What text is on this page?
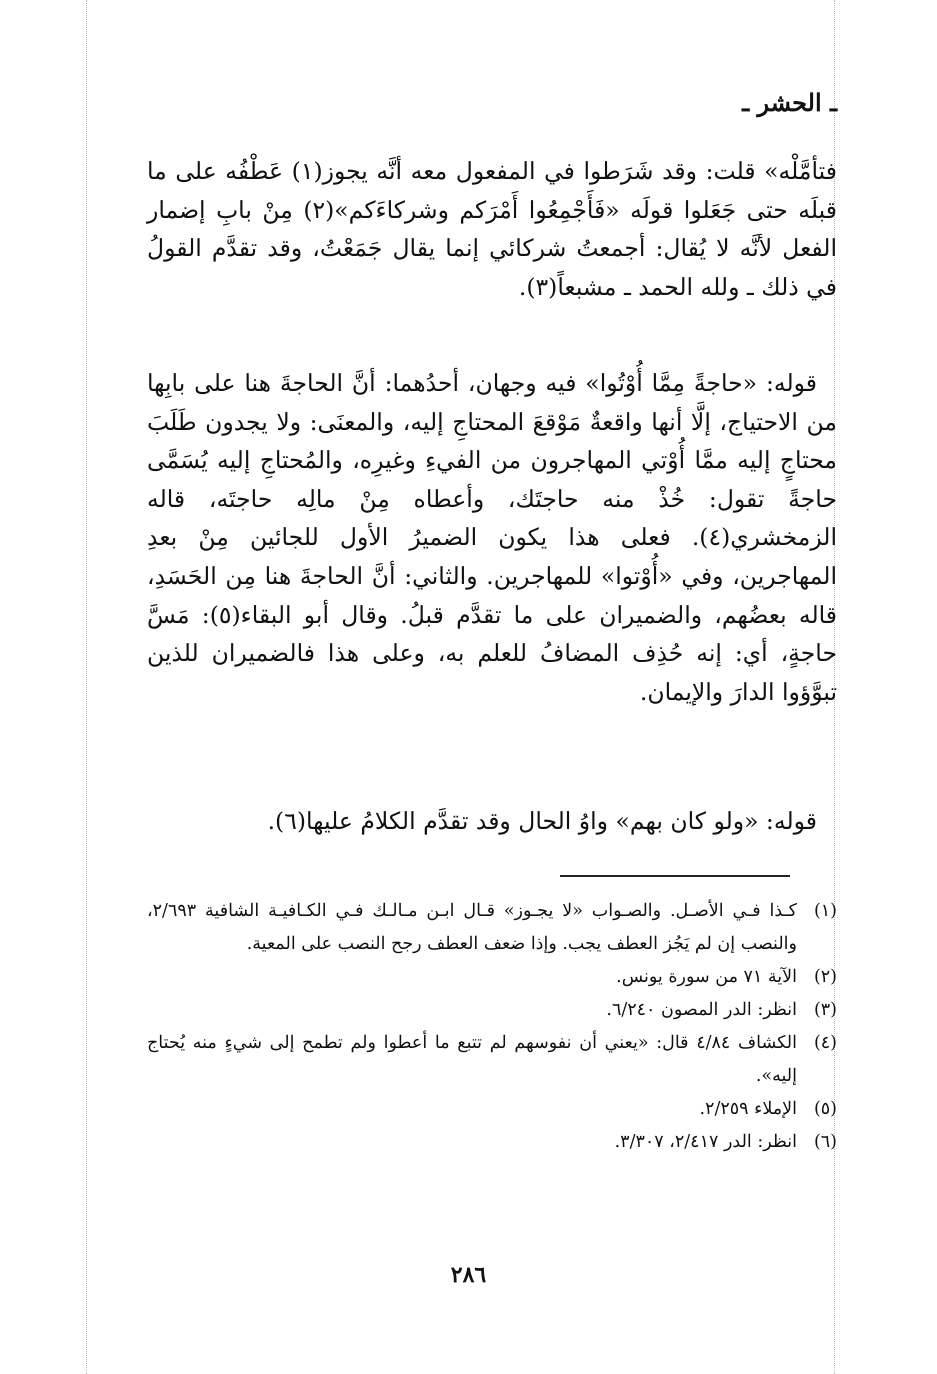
ـ الحشر ـ

فتأمَّلْه» قلت: وقد شَرَطوا في المفعول معه أنَّه يجوز(١) عَطْفُه على ما قبلَه حتى جَعَلوا قولَه «فَأَجْمِعُوا أَمْرَكم وشركاءَكم»(٢) مِنْ بابِ إضمار الفعل لأنَّه لا يُقال: أجمعتُ شركائي إنما يقال جَمَعْتُ، وقد تقدَّم القولُ في ذلك ـ ولله الحمد ـ مشبعاً(٣).

قوله: «حاجةً مِمَّا أُوْتُوا» فيه وجهان، أحدُهما: أنَّ الحاجةَ هنا على بابِها من الاحتياج، إلَّا أنها واقعةٌ مَوْقعَ المحتاجِ إليه، والمعنَى: ولا يجدون طَلَبَ محتاجٍ إليه ممَّا أُوْتي المهاجرون من الفيءِ وغيرِه، والمُحتاجِ إليه يُسَمَّى حاجةً تقول: خُذْ منه حاجتَك، وأعطاه مِنْ مالِه حاجتَه، قاله الزمخشري(٤). فعلى هذا يكون الضميرُ الأول للجائين مِنْ بعدِ المهاجرين، وفي «أُوْتوا» للمهاجرين. والثاني: أنَّ الحاجةَ هنا مِن الحَسَدِ، قاله بعضُهم، والضميران على ما تقدَّم قبلُ. وقال أبو البقاء(٥): مَسَّ حاجةٍ، أي: إنه حُذِف المضافُ للعلم به، وعلى هذا فالضميران للذين تبوَّؤوا الدارَ والإيمان.

قوله: «ولو كان بهم» واوُ الحال وقد تقدَّم الكلامُ عليها(٦).

(١)
كـذا فـي الأصـل. والصـواب «لا يجـوز» قـال ابـن مـالـك فـي الكـافيـة الشافية ٢/٦٩٣، والنصب إن لم يَجُز العطف يجب. وإذا ضعف العطف رجح النصب على المعية.
(٢)
الآية ٧١ من سورة يونس.
(٣)
انظر: الدر المصون ٦/٢٤٠.
(٤)
الكشاف ٤/٨٤ قال: «يعني أن نفوسهم لم تتبع ما أعطوا ولم تطمح إلى شيءٍ منه يُحتاج إليه».
(٥)
الإملاء ٢/٢٥٩.
(٦)
انظر: الدر ٢/٤١٧، ٣/٣٠٧.
٢٨٦
